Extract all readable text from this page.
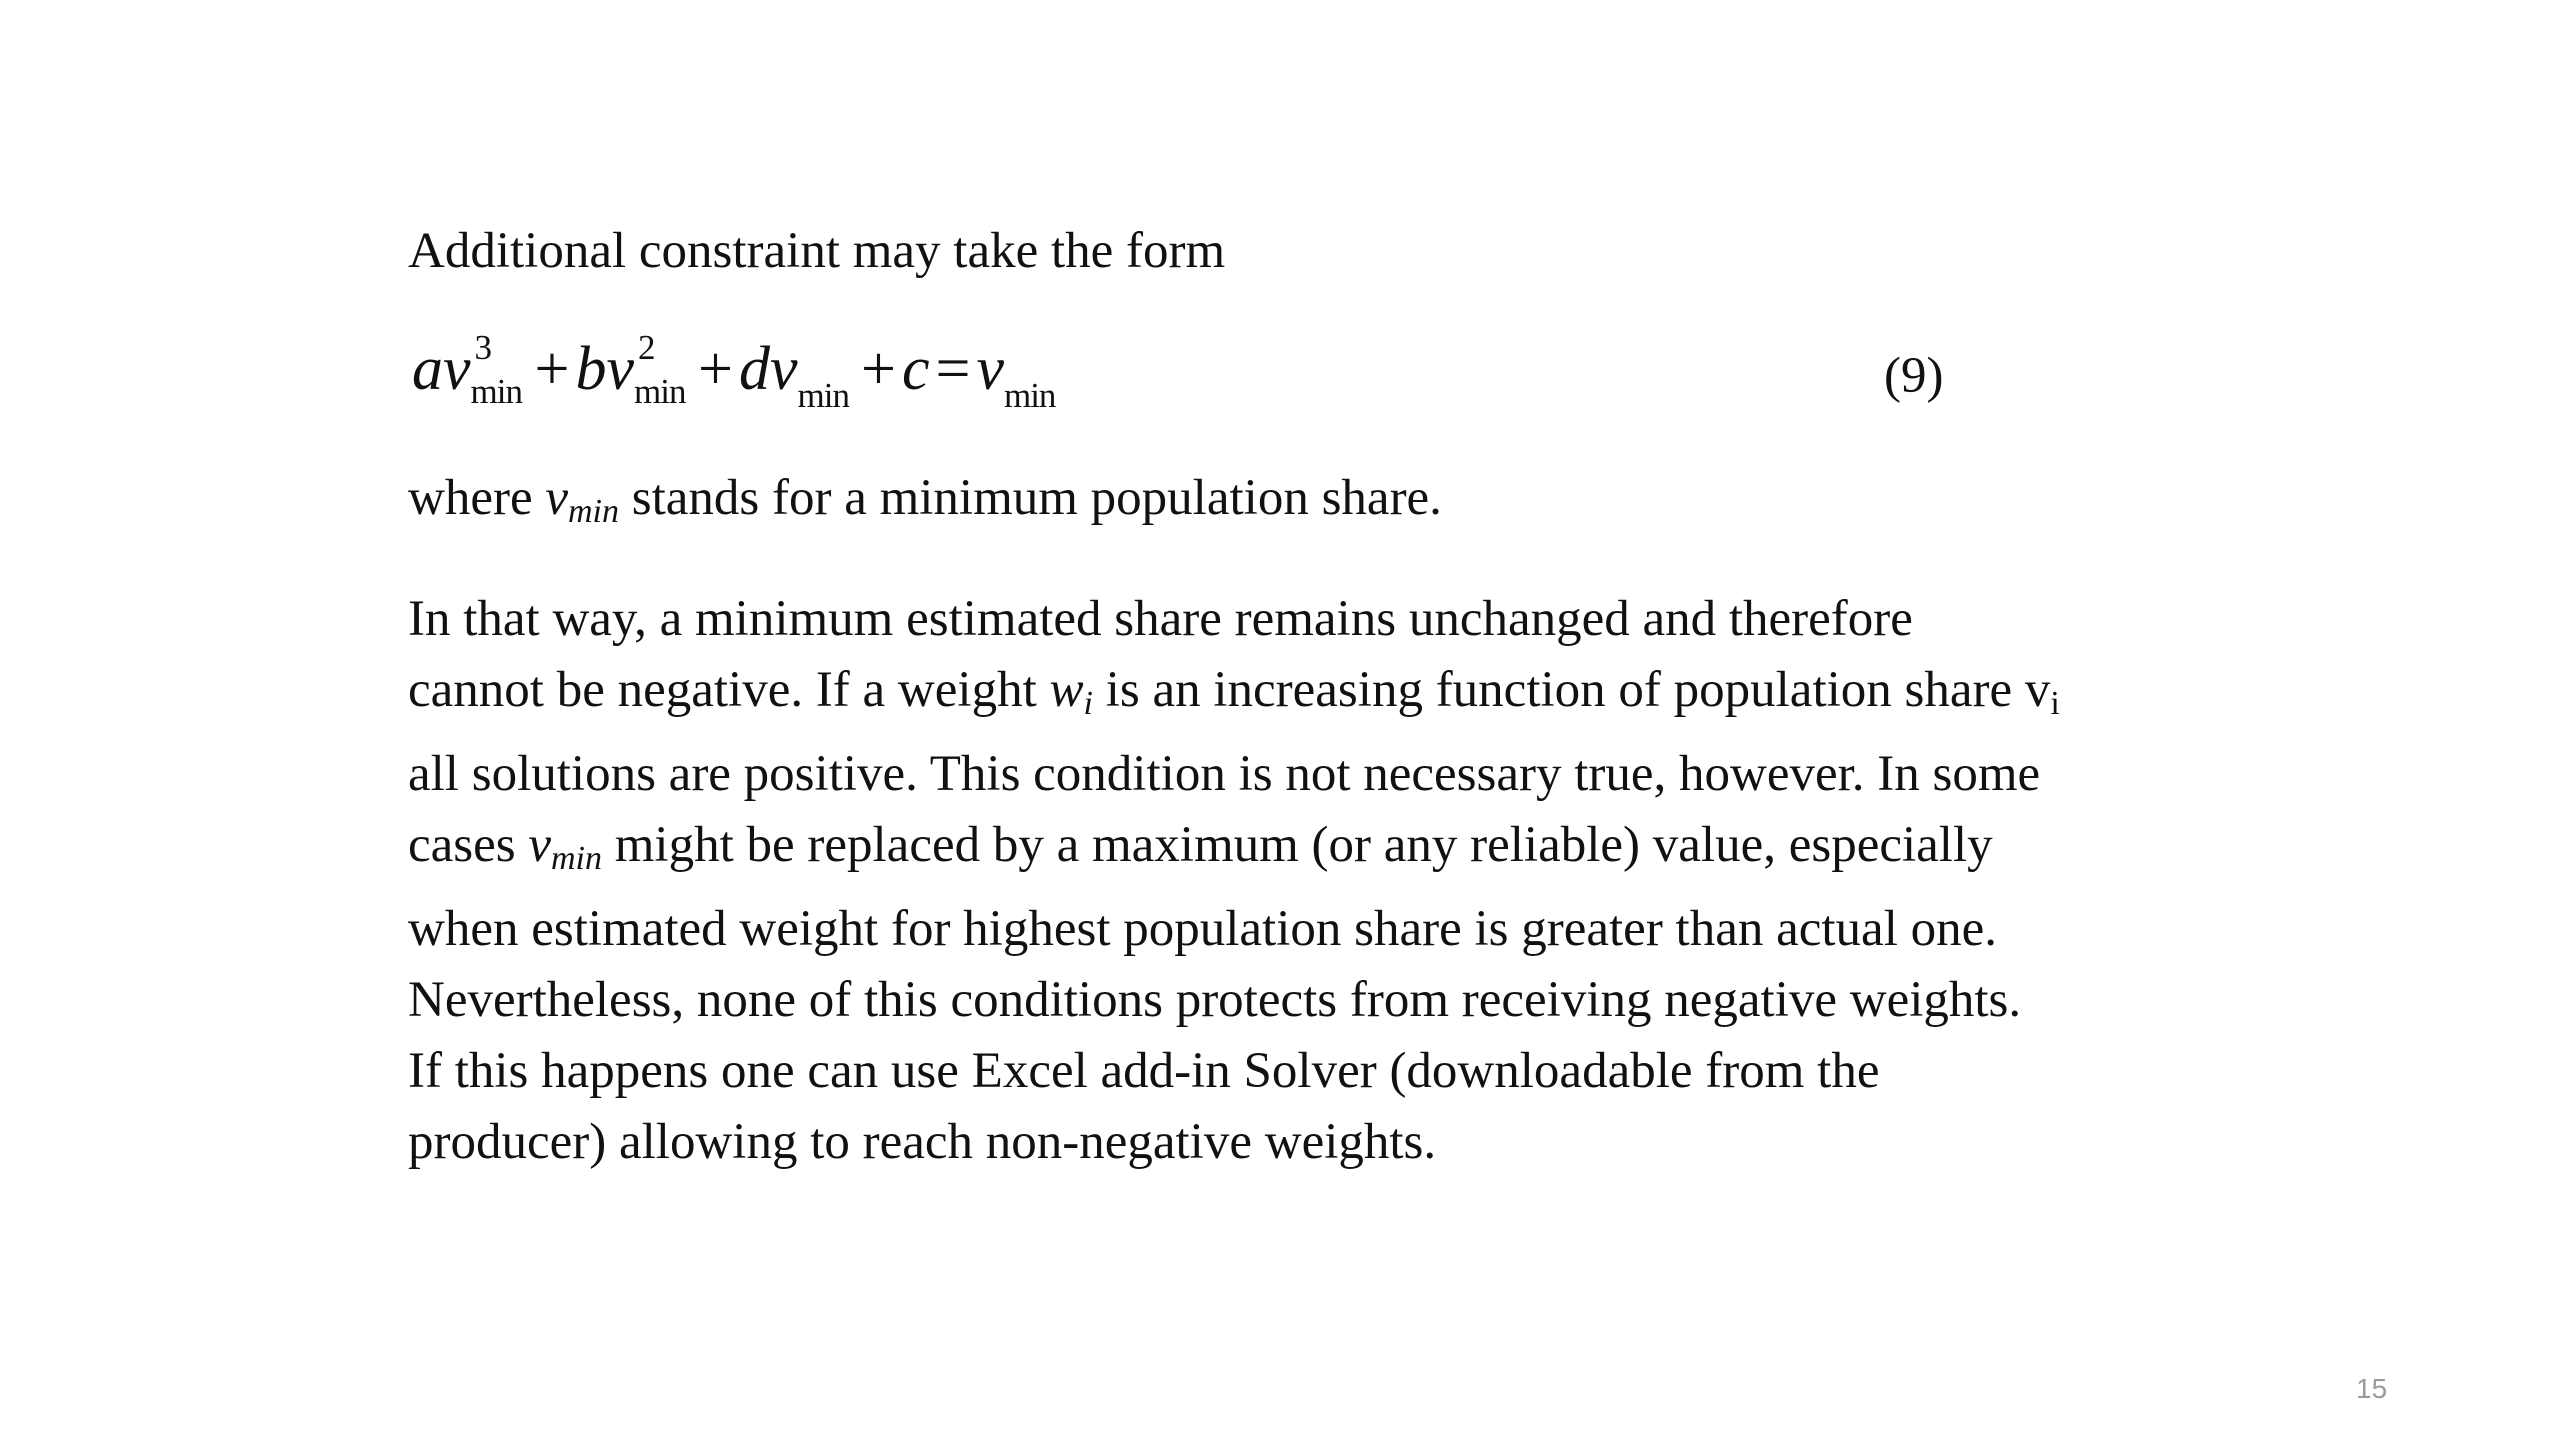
Additional constraint may take the form
av 3
min +bv 2
min +dvmin +c=vmin	(9)
where vmin stands for a minimum population share.
In that way, a minimum estimated share remains unchanged and therefore
cannot be negative. If a weight wi is an increasing function of population share vi
all solutions are positive. This condition is not necessary true, however. In some
cases vmin might be replaced by a maximum (or any reliable) value, especially
when estimated weight for highest population share is greater than actual one.
Nevertheless, none of this conditions protects from receiving negative weights.
If this happens one can use Excel add-in Solver (downloadable from the
producer) allowing to reach non-negative weights.
15
